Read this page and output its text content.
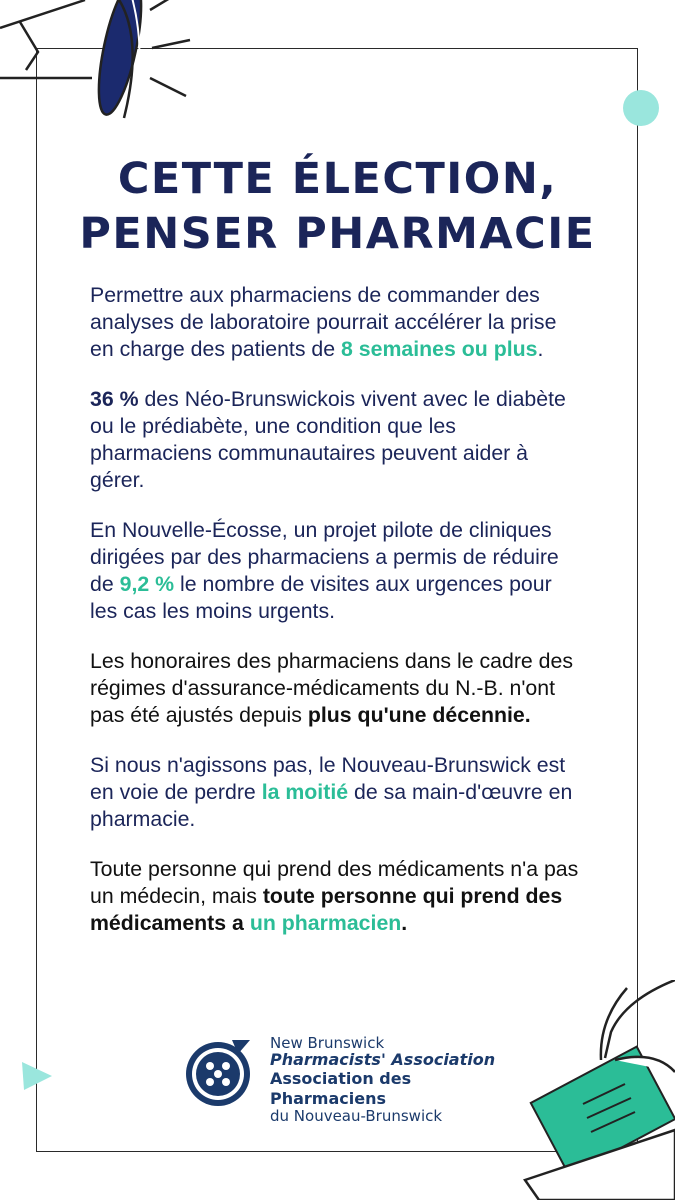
CETTE ÉLECTION,
PENSER PHARMACIE

Permettre aux pharmaciens de commander des analyses de laboratoire pourrait accélérer la prise en charge des patients de 8 semaines ou plus.

36 % des Néo-Brunswickois vivent avec le diabète ou le prédiabète, une condition que les pharmaciens communautaires peuvent aider à gérer.

En Nouvelle-Écosse, un projet pilote de cliniques dirigées par des pharmaciens a permis de réduire de 9,2 % le nombre de visites aux urgences pour les cas les moins urgents.

Les honoraires des pharmaciens dans le cadre des régimes d'assurance-médicaments du N.-B. n'ont pas été ajustés depuis plus qu'une décennie.

Si nous n'agissons pas, le Nouveau-Brunswick est en voie de perdre la moitié de sa main-d'œuvre en pharmacie.

Toute personne qui prend des médicaments n'a pas un médecin, mais toute personne qui prend des médicaments a un pharmacien.

New Brunswick
Pharmacists' Association
Association des Pharmaciens
du Nouveau-Brunswick
